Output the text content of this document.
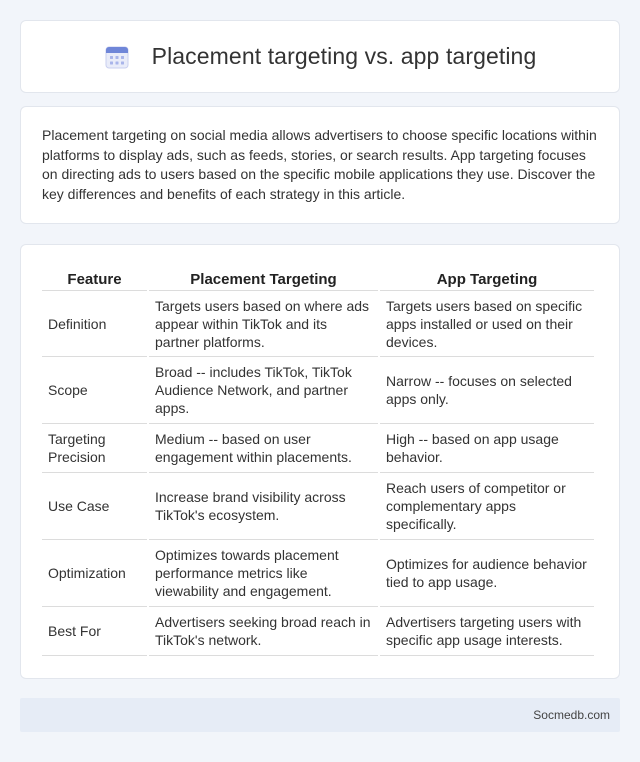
Placement targeting vs. app targeting

Placement targeting on social media allows advertisers to choose specific locations within platforms to display ads, such as feeds, stories, or search results. App targeting focuses on directing ads to users based on the specific mobile applications they use. Discover the key differences and benefits of each strategy in this article.

Feature	Placement Targeting	App Targeting
Definition	Targets users based on where ads appear within TikTok and its partner platforms.	Targets users based on specific apps installed or used on their devices.
Scope	Broad -- includes TikTok, TikTok Audience Network, and partner apps.	Narrow -- focuses on selected apps only.
Targeting Precision	Medium -- based on user engagement within placements.	High -- based on app usage behavior.
Use Case	Increase brand visibility across TikTok's ecosystem.	Reach users of competitor or complementary apps specifically.
Optimization	Optimizes towards placement performance metrics like viewability and engagement.	Optimizes for audience behavior tied to app usage.
Best For	Advertisers seeking broad reach in TikTok's network.	Advertisers targeting users with specific app usage interests.
Socmedb.com
